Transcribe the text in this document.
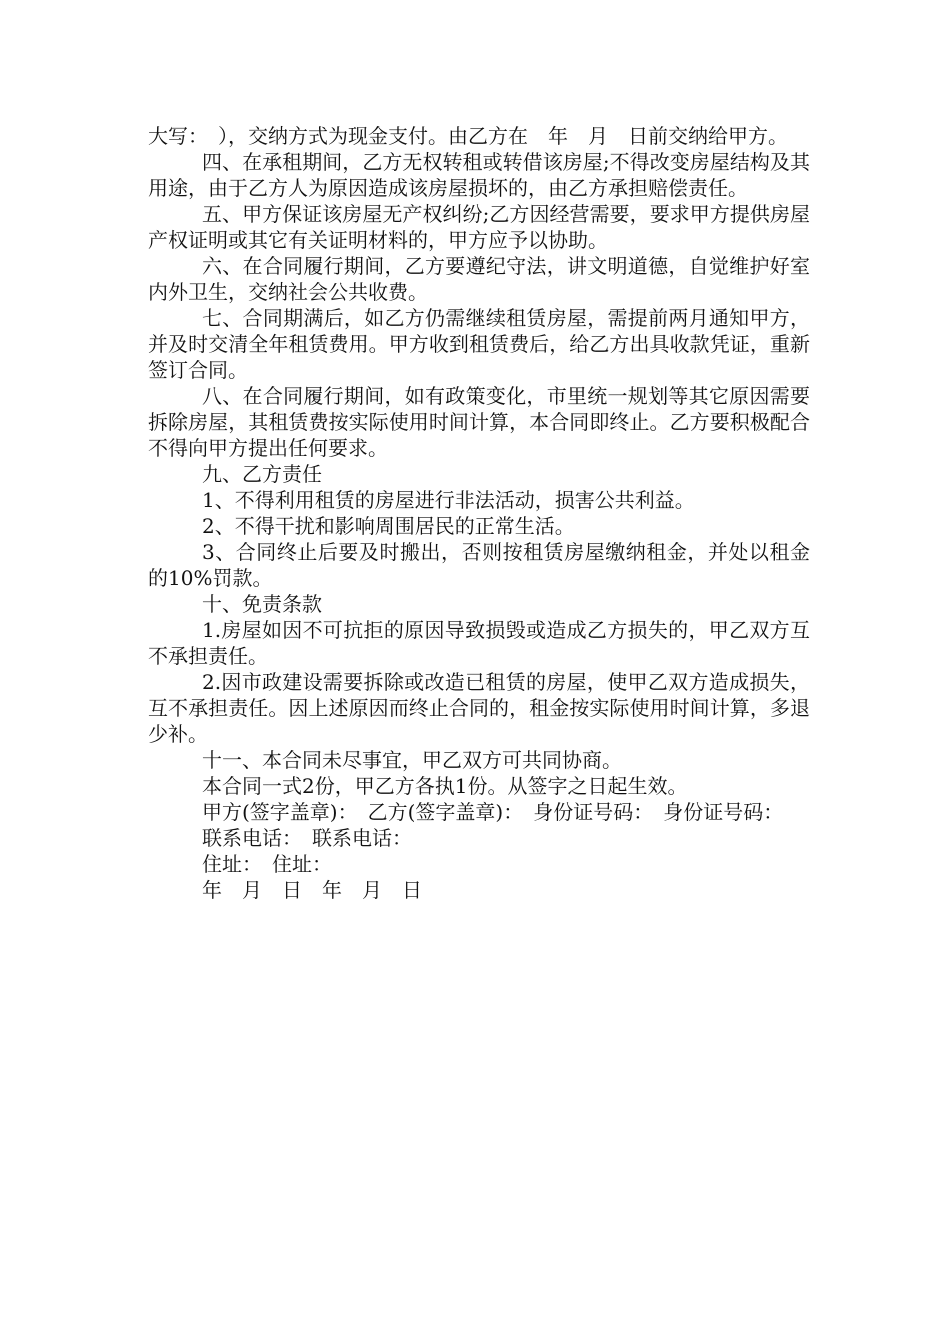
大写：　），交纳方式为现金支付。由乙方在　年　月　日前交纳给甲方。

四、在承租期间，乙方无权转租或转借该房屋;不得改变房屋结构及其用途，由于乙方人为原因造成该房屋损坏的，由乙方承担赔偿责任。

五、甲方保证该房屋无产权纠纷;乙方因经营需要，要求甲方提供房屋产权证明或其它有关证明材料的，甲方应予以协助。

六、在合同履行期间，乙方要遵纪守法，讲文明道德，自觉维护好室内外卫生，交纳社会公共收费。

七、合同期满后，如乙方仍需继续租赁房屋，需提前两月通知甲方，并及时交清全年租赁费用。甲方收到租赁费后，给乙方出具收款凭证，重新签订合同。

八、在合同履行期间，如有政策变化，市里统一规划等其它原因需要拆除房屋，其租赁费按实际使用时间计算，本合同即终止。乙方要积极配合不得向甲方提出任何要求。

九、乙方责任

1、不得利用租赁的房屋进行非法活动，损害公共利益。

2、不得干扰和影响周围居民的正常生活。

3、合同终止后要及时搬出，否则按租赁房屋缴纳租金，并处以租金的10%罚款。

十、免责条款

1.房屋如因不可抗拒的原因导致损毁或造成乙方损失的，甲乙双方互不承担责任。

2.因市政建设需要拆除或改造已租赁的房屋，使甲乙双方造成损失，互不承担责任。因上述原因而终止合同的，租金按实际使用时间计算，多退少补。

十一、本合同未尽事宜，甲乙双方可共同协商。

本合同一式2份，甲乙方各执1份。从签字之日起生效。

甲方(签字盖章)：　乙方(签字盖章)：　身份证号码：　身份证号码：

联系电话：　联系电话：

住址：　住址：

年　月　日　年　月　日
